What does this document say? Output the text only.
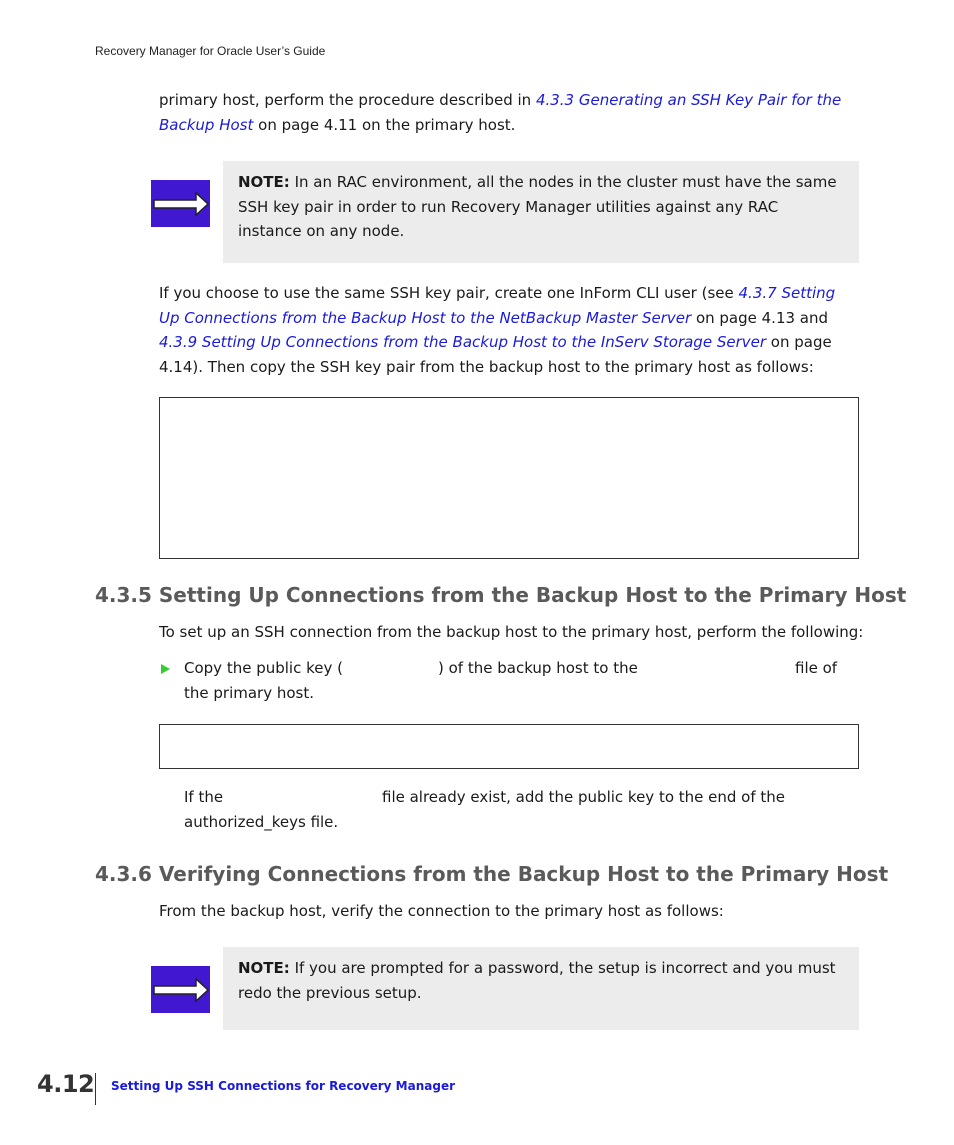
Recovery Manager for Oracle User’s Guide
primary host, perform the procedure described in 4.3.3 Generating an SSH Key Pair for the Backup Host on page 4.11 on the primary host.
NOTE: In an RAC environment, all the nodes in the cluster must have the same SSH key pair in order to run Recovery Manager utilities against any RAC instance on any node.
If you choose to use the same SSH key pair, create one InForm CLI user (see 4.3.7 Setting Up Connections from the Backup Host to the NetBackup Master Server on page 4.13 and 4.3.9 Setting Up Connections from the Backup Host to the InServ Storage Server on page 4.14). Then copy the SSH key pair from the backup host to the primary host as follows:
4.3.5 Setting Up Connections from the Backup Host to the Primary Host
To set up an SSH connection from the backup host to the primary host, perform the following:
Copy the public key (	) of the backup host to the	file of
the primary host.
If the	file already exist, add the public key to the end of the
authorized_keys file.
4.3.6 Verifying Connections from the Backup Host to the Primary Host
From the backup host, verify the connection to the primary host as follows:
NOTE: If you are prompted for a password, the setup is incorrect and you must redo the previous setup.
4.12 Setting Up SSH Connections for Recovery Manager
